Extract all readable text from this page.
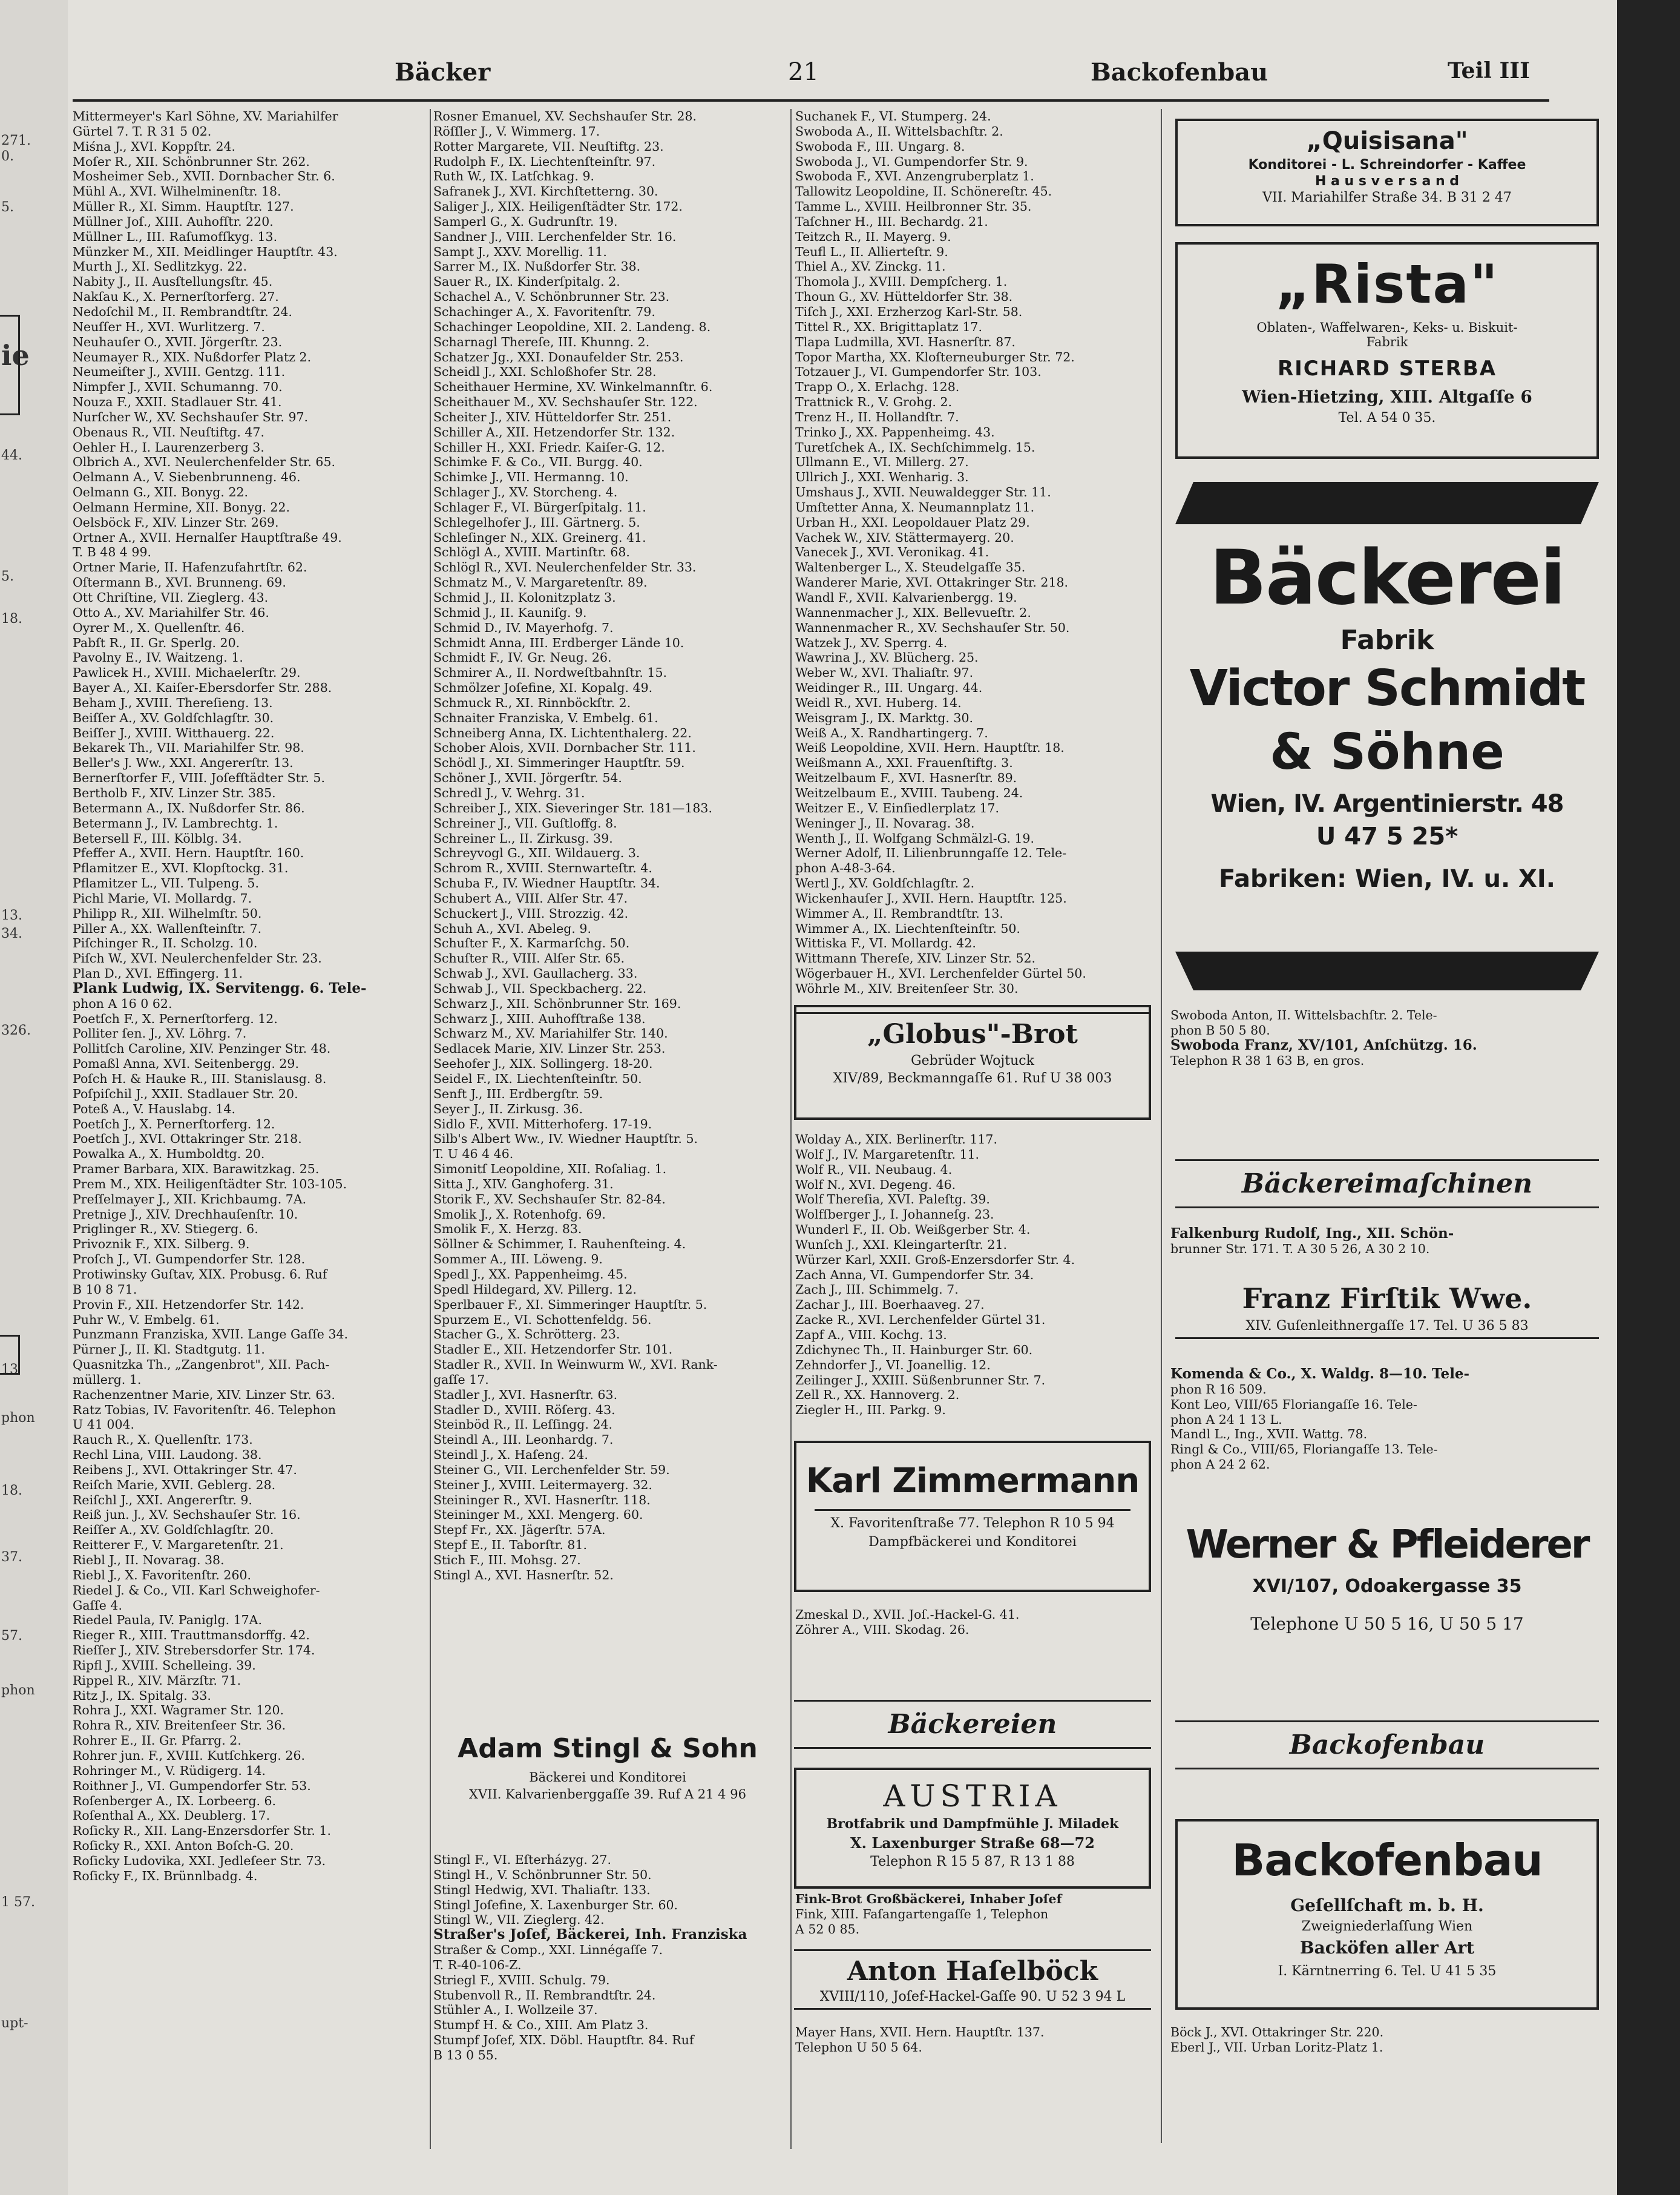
271.
0.
5.
ie
44.
5.
18.
13.
34.
326.
13
phon
18.
37.
57.
phon
1 57.
upt-
Bäcker	21	Backofenbau	Teil III
Mittermeyer's Karl Söhne, XV. Mariahilfer
Gürtel 7. T. R 31 5 02.
Miśna J., XVI. Koppſtr. 24.
Moſer R., XII. Schönbrunner Str. 262.
Mosheimer Seb., XVII. Dornbacher Str. 6.
Mühl A., XVI. Wilhelminenſtr. 18.
Müller R., XI. Simm. Hauptſtr. 127.
Müllner Joſ., XIII. Auhofſtr. 220.
Müllner L., III. Raſumofſkyg. 13.
Münzker M., XII. Meidlinger Hauptſtr. 43.
Murth J., XI. Sedlitzkyg. 22.
Nabity J., II. Ausſtellungsſtr. 45.
Nakſau K., X. Pernerſtorferg. 27.
Nedoſchil M., II. Rembrandtſtr. 24.
Neuſſer H., XVI. Wurlitzerg. 7.
Neuhauſer O., XVII. Jörgerſtr. 23.
Neumayer R., XIX. Nußdorfer Platz 2.
Neumeiſter J., XVIII. Gentzg. 111.
Nimpfer J., XVII. Schumanng. 70.
Nouza F., XXII. Stadlauer Str. 41.
Nurſcher W., XV. Sechshauſer Str. 97.
Obenaus R., VII. Neuſtiftg. 47.
Oehler H., I. Laurenzerberg 3.
Olbrich A., XVI. Neulerchenfelder Str. 65.
Oelmann A., V. Siebenbrunneng. 46.
Oelmann G., XII. Bonyg. 22.
Oelmann Hermine, XII. Bonyg. 22.
Oelsböck F., XIV. Linzer Str. 269.
Ortner A., XVII. Hernalſer Hauptſtraße 49.
T. B 48 4 99.
Ortner Marie, II. Hafenzufahrtſtr. 62.
Oſtermann B., XVI. Brunneng. 69.
Ott Chriſtine, VII. Zieglerg. 43.
Otto A., XV. Mariahilfer Str. 46.
Oyrer M., X. Quellenſtr. 46.
Pabſt R., II. Gr. Sperlg. 20.
Pavolny E., IV. Waitzeng. 1.
Pawlicek H., XVIII. Michaelerſtr. 29.
Bayer A., XI. Kaiſer-Ebersdorfer Str. 288.
Beham J., XVIII. Thereſieng. 13.
Beiſſer A., XV. Goldſchlagſtr. 30.
Beiſſer J., XVIII. Witthauerg. 22.
Bekarek Th., VII. Mariahilfer Str. 98.
Beller's J. Ww., XXI. Angererſtr. 13.
Bernerſtorfer F., VIII. Joſefſtädter Str. 5.
Bertholb F., XIV. Linzer Str. 385.
Betermann A., IX. Nußdorfer Str. 86.
Betermann J., IV. Lambrechtg. 1.
Betersell F., III. Kölblg. 34.
Pfeffer A., XVII. Hern. Hauptſtr. 160.
Pflamitzer E., XVI. Klopſtockg. 31.
Pflamitzer L., VII. Tulpeng. 5.
Pichl Marie, VI. Mollardg. 7.
Philipp R., XII. Wilhelmſtr. 50.
Piller A., XX. Wallenſteinſtr. 7.
Piſchinger R., II. Scholzg. 10.
Piſch W., XVI. Neulerchenfelder Str. 23.
Plan D., XVI. Effingerg. 11.
Plank Ludwig, IX. Servitengg. 6. Tele-
phon A 16 0 62.
Poetſch F., X. Pernerſtorferg. 12.
Polliter ſen. J., XV. Löhrg. 7.
Pollitſch Caroline, XIV. Penzinger Str. 48.
Pomaßl Anna, XVI. Seitenbergg. 29.
Poſch H. & Hauke R., III. Stanislausg. 8.
Poſpiſchil J., XXII. Stadlauer Str. 20.
Poteß A., V. Hauslabg. 14.
Poetſch J., X. Pernerſtorferg. 12.
Poetſch J., XVI. Ottakringer Str. 218.
Powalka A., X. Humboldtg. 20.
Pramer Barbara, XIX. Barawitzkag. 25.
Prem M., XIX. Heiligenſtädter Str. 103-105.
Preſſelmayer J., XII. Krichbaumg. 7A.
Pretnige J., XIV. Drechhauſenſtr. 10.
Priglinger R., XV. Stiegerg. 6.
Privoznik F., XIX. Silberg. 9.
Proſch J., VI. Gumpendorfer Str. 128.
Protiwinsky Guſtav, XIX. Probusg. 6. Ruf
B 10 8 71.
Provin F., XII. Hetzendorfer Str. 142.
Puhr W., V. Embelg. 61.
Punzmann Franziska, XVII. Lange Gaſſe 34.
Pürner J., II. Kl. Stadtgutg. 11.
Quasnitzka Th., „Zangenbrot", XII. Pach-
müllerg. 1.
Rachenzentner Marie, XIV. Linzer Str. 63.
Ratz Tobias, IV. Favoritenſtr. 46. Telephon
U 41 004.
Rauch R., X. Quellenſtr. 173.
Rechl Lina, VIII. Laudong. 38.
Reibens J., XVI. Ottakringer Str. 47.
Reiſch Marie, XVII. Geblerg. 28.
Reiſchl J., XXI. Angererſtr. 9.
Reiß jun. J., XV. Sechshauſer Str. 16.
Reiſſer A., XV. Goldſchlagſtr. 20.
Reitterer F., V. Margaretenſtr. 21.
Riebl J., II. Novarag. 38.
Riebl J., X. Favoritenſtr. 260.
Riedel J. & Co., VII. Karl Schweighofer-
Gaſſe 4.
Riedel Paula, IV. Paniglg. 17A.
Rieger R., XIII. Trauttmansdorffg. 42.
Rieſſer J., XIV. Strebersdorfer Str. 174.
Ripfl J., XVIII. Schelleing. 39.
Rippel R., XIV. Märzſtr. 71.
Ritz J., IX. Spitalg. 33.
Rohra J., XXI. Wagramer Str. 120.
Rohra R., XIV. Breitenſeer Str. 36.
Rohrer E., II. Gr. Pfarrg. 2.
Rohrer jun. F., XVIII. Kutſchkerg. 26.
Rohringer M., V. Rüdigerg. 14.
Roithner J., VI. Gumpendorfer Str. 53.
Roſenberger A., IX. Lorbeerg. 6.
Roſenthal A., XX. Deublerg. 17.
Roſicky R., XII. Lang-Enzersdorfer Str. 1.
Roſicky R., XXI. Anton Boſch-G. 20.
Roſicky Ludovika, XXI. Jedleſeer Str. 73.
Roſicky F., IX. Brünnlbadg. 4.
Rosner Emanuel, XV. Sechshauſer Str. 28.
Röſſler J., V. Wimmerg. 17.
Rotter Margarete, VII. Neuſtiftg. 23.
Rudolph F., IX. Liechtenſteinſtr. 97.
Ruth W., IX. Latſchkag. 9.
Safranek J., XVI. Kirchſtetterng. 30.
Saliger J., XIX. Heiligenſtädter Str. 172.
Samperl G., X. Gudrunſtr. 19.
Sandner J., VIII. Lerchenfelder Str. 16.
Sampt J., XXV. Morellig. 11.
Sarrer M., IX. Nußdorfer Str. 38.
Sauer R., IX. Kinderſpitalg. 2.
Schachel A., V. Schönbrunner Str. 23.
Schachinger A., X. Favoritenſtr. 79.
Schachinger Leopoldine, XII. 2. Landeng. 8.
Scharnagl Thereſe, III. Khunng. 2.
Schatzer Jg., XXI. Donaufelder Str. 253.
Scheidl J., XXI. Schloßhofer Str. 28.
Scheithauer Hermine, XV. Winkelmannſtr. 6.
Scheithauer M., XV. Sechshauſer Str. 122.
Scheiter J., XIV. Hütteldorfer Str. 251.
Schiller A., XII. Hetzendorfer Str. 132.
Schiller H., XXI. Friedr. Kaiſer-G. 12.
Schimke F. & Co., VII. Burgg. 40.
Schimke J., VII. Hermanng. 10.
Schlager J., XV. Storcheng. 4.
Schlager F., VI. Bürgerſpitalg. 11.
Schlegelhofer J., III. Gärtnerg. 5.
Schleſinger N., XIX. Greinerg. 41.
Schlögl A., XVIII. Martinſtr. 68.
Schlögl R., XVI. Neulerchenfelder Str. 33.
Schmatz M., V. Margaretenſtr. 89.
Schmid J., II. Kolonitzplatz 3.
Schmid J., II. Kauniſg. 9.
Schmid D., IV. Mayerhofg. 7.
Schmidt Anna, III. Erdberger Lände 10.
Schmidt F., IV. Gr. Neug. 26.
Schmirer A., II. Nordweſtbahnſtr. 15.
Schmölzer Joſefine, XI. Kopalg. 49.
Schmuck R., XI. Rinnböckſtr. 2.
Schnaiter Franziska, V. Embelg. 61.
Schneiberg Anna, IX. Lichtenthalerg. 22.
Schober Alois, XVII. Dornbacher Str. 111.
Schödl J., XI. Simmeringer Hauptſtr. 59.
Schöner J., XVII. Jörgerſtr. 54.
Schredl J., V. Wehrg. 31.
Schreiber J., XIX. Sieveringer Str. 181—183.
Schreiner J., VII. Guſtloffg. 8.
Schreiner L., II. Zirkusg. 39.
Schreyvogl G., XII. Wildauerg. 3.
Schrom R., XVIII. Sternwarteſtr. 4.
Schuba F., IV. Wiedner Hauptſtr. 34.
Schubert A., VIII. Alſer Str. 47.
Schuckert J., VIII. Strozzig. 42.
Schuh A., XVI. Abeleg. 9.
Schuſter F., X. Karmarſchg. 50.
Schuſter R., VIII. Alſer Str. 65.
Schwab J., XVI. Gaullacherg. 33.
Schwab J., VII. Speckbacherg. 22.
Schwarz J., XII. Schönbrunner Str. 169.
Schwarz J., XIII. Auhofſtraße 138.
Schwarz M., XV. Mariahilfer Str. 140.
Sedlacek Marie, XIV. Linzer Str. 253.
Seehofer J., XIX. Sollingerg. 18-20.
Seidel F., IX. Liechtenſteinſtr. 50.
Senft J., III. Erdbergſtr. 59.
Seyer J., II. Zirkusg. 36.
Sidlo F., XVII. Mitterhoferg. 17-19.
Silb's Albert Ww., IV. Wiedner Hauptſtr. 5.
T. U 46 4 46.
Simonitſ Leopoldine, XII. Roſaliag. 1.
Sitta J., XIV. Ganghoferg. 31.
Storik F., XV. Sechshauſer Str. 82-84.
Smolik J., X. Rotenhofg. 69.
Smolik F., X. Herzg. 83.
Söllner & Schimmer, I. Rauhenſteing. 4.
Sommer A., III. Löweng. 9.
Spedl J., XX. Pappenheimg. 45.
Spedl Hildegard, XV. Pillerg. 12.
Sperlbauer F., XI. Simmeringer Hauptſtr. 5.
Spurzem E., VI. Schottenfeldg. 56.
Stacher G., X. Schrötterg. 23.
Stadler E., XII. Hetzendorfer Str. 101.
Stadler R., XVII. In Weinwurm W., XVI. Rank-
gaſſe 17.
Stadler J., XVI. Hasnerſtr. 63.
Stadler D., XVIII. Röſerg. 43.
Steinböd R., II. Leſſingg. 24.
Steindl A., III. Leonhardg. 7.
Steindl J., X. Haſeng. 24.
Steiner G., VII. Lerchenfelder Str. 59.
Steiner J., XVIII. Leitermayerg. 32.
Steininger R., XVI. Hasnerſtr. 118.
Steininger M., XXI. Mengerg. 60.
Stepf Fr., XX. Jägerſtr. 57A.
Stepf E., II. Taborſtr. 81.
Stich F., III. Mohsg. 27.
Stingl A., XVI. Hasnerſtr. 52.
Adam Stingl & Sohn
Bäckerei und Konditorei
XVII. Kalvarienberggaſſe 39. Ruf A 21 4 96
Stingl F., VI. Eſterházyg. 27.
Stingl H., V. Schönbrunner Str. 50.
Stingl Hedwig, XVI. Thaliaſtr. 133.
Stingl Joſefine, X. Laxenburger Str. 60.
Stingl W., VII. Zieglerg. 42.
Straßer's Joſef, Bäckerei, Inh. Franziska
Straßer & Comp., XXI. Linnégaſſe 7.
T. R-40-106-Z.
Striegl F., XVIII. Schulg. 79.
Stubenvoll R., II. Rembrandtſtr. 24.
Stühler A., I. Wollzeile 37.
Stumpf H. & Co., XIII. Am Platz 3.
Stumpf Joſef, XIX. Döbl. Hauptſtr. 84. Ruf
B 13 0 55.
Suchanek F., VI. Stumperg. 24.
Swoboda A., II. Wittelsbachſtr. 2.
Swoboda F., III. Ungarg. 8.
Swoboda J., VI. Gumpendorfer Str. 9.
Swoboda F., XVI. Anzengruberplatz 1.
Tallowitz Leopoldine, II. Schönereſtr. 45.
Tamme L., XVIII. Heilbronner Str. 35.
Taſchner H., III. Bechardg. 21.
Teitzch R., II. Mayerg. 9.
Teufl L., II. Allierteſtr. 9.
Thiel A., XV. Zinckg. 11.
Thomola J., XVIII. Dempſcherg. 1.
Thoun G., XV. Hütteldorfer Str. 38.
Tiſch J., XXI. Erzherzog Karl-Str. 58.
Tittel R., XX. Brigittaplatz 17.
Tlapa Ludmilla, XVI. Hasnerſtr. 87.
Topor Martha, XX. Kloſterneuburger Str. 72.
Totzauer J., VI. Gumpendorfer Str. 103.
Trapp O., X. Erlachg. 128.
Trattnick R., V. Grohg. 2.
Trenz H., II. Hollandſtr. 7.
Trinko J., XX. Pappenheimg. 43.
Turetſchek A., IX. Sechſchimmelg. 15.
Ullmann E., VI. Millerg. 27.
Ullrich J., XXI. Wenharig. 3.
Umshaus J., XVII. Neuwaldegger Str. 11.
Umſtetter Anna, X. Neumannplatz 11.
Urban H., XXI. Leopoldauer Platz 29.
Vachek W., XIV. Stättermayerg. 20.
Vanecek J., XVI. Veronikag. 41.
Waltenberger L., X. Steudelgaſſe 35.
Wanderer Marie, XVI. Ottakringer Str. 218.
Wandl F., XVII. Kalvarienbergg. 19.
Wannenmacher J., XIX. Bellevueſtr. 2.
Wannenmacher R., XV. Sechshauſer Str. 50.
Watzek J., XV. Sperrg. 4.
Wawrina J., XV. Blücherg. 25.
Weber W., XVI. Thaliaſtr. 97.
Weidinger R., III. Ungarg. 44.
Weidl R., XVI. Huberg. 14.
Weisgram J., IX. Marktg. 30.
Weiß A., X. Randhartingerg. 7.
Weiß Leopoldine, XVII. Hern. Hauptſtr. 18.
Weißmann A., XXI. Frauenſtiftg. 3.
Weitzelbaum F., XVI. Hasnerſtr. 89.
Weitzelbaum E., XVIII. Taubeng. 24.
Weitzer E., V. Einſiedlerplatz 17.
Weninger J., II. Novarag. 38.
Wenth J., II. Wolfgang Schmälzl-G. 19.
Werner Adolf, II. Lilienbrunngaſſe 12. Tele-
phon A-48-3-64.
Wertl J., XV. Goldſchlagſtr. 2.
Wickenhauſer J., XVII. Hern. Hauptſtr. 125.
Wimmer A., II. Rembrandtſtr. 13.
Wimmer A., IX. Liechtenſteinſtr. 50.
Wittiska F., VI. Mollardg. 42.
Wittmann Thereſe, XIV. Linzer Str. 52.
Wögerbauer H., XVI. Lerchenfelder Gürtel 50.
Wöhrle M., XIV. Breitenſeer Str. 30.
„Globus"-Brot
Gebrüder Wojtuck
XIV/89, Beckmanngaſſe 61. Ruf U 38 003
Wolday A., XIX. Berlinerſtr. 117.
Wolf J., IV. Margaretenſtr. 11.
Wolf R., VII. Neubaug. 4.
Wolf N., XVI. Degeng. 46.
Wolf Thereſia, XVI. Paleſtg. 39.
Wolfſberger J., I. Johanneſg. 23.
Wunderl F., II. Ob. Weißgerber Str. 4.
Wunſch J., XXI. Kleingarterſtr. 21.
Würzer Karl, XXII. Groß-Enzersdorfer Str. 4.
Zach Anna, VI. Gumpendorfer Str. 34.
Zach J., III. Schimmelg. 7.
Zachar J., III. Boerhaaveg. 27.
Zacke R., XVI. Lerchenfelder Gürtel 31.
Zapf A., VIII. Kochg. 13.
Zdichynec Th., II. Hainburger Str. 60.
Zehndorfer J., VI. Joanellig. 12.
Zeilinger J., XXIII. Süßenbrunner Str. 7.
Zell R., XX. Hannoverg. 2.
Ziegler H., III. Parkg. 9.
Karl Zimmermann
X. Favoritenſtraße 77. Telephon R 10 5 94
Dampfbäckerei und Konditorei
Zmeskal D., XVII. Joſ.-Hackel-G. 41.
Zöhrer A., VIII. Skodag. 26.
Bäckereien
AUSTRIA
Brotfabrik und Dampfmühle J. Miladek
X. Laxenburger Straße 68—72
Telephon R 15 5 87, R 13 1 88
Fink-Brot Großbäckerei, Inhaber Joſef
Fink, XIII. Faſangartengaſſe 1, Telephon
A 52 0 85.
Anton Haſelböck
XVIII/110, Joſef-Hackel-Gaſſe 90. U 52 3 94 L
Mayer Hans, XVII. Hern. Hauptſtr. 137.
Telephon U 50 5 64.
„Quisisana"
Konditorei - L. Schreindorfer - Kaffee
H a u s v e r s a n d
VII. Mariahilfer Straße 34. B 31 2 47
„Rista"
Oblaten-, Waffelwaren-, Keks- u. Biskuit-
Fabrik
RICHARD STERBA
Wien-Hietzing, XIII. Altgaſſe 6
Tel. A 54 0 35.
Bäckerei
Fabrik
Victor Schmidt
& Söhne
Wien, IV. Argentinierstr. 48
U 47 5 25*
Fabriken: Wien, IV. u. XI.
Swoboda Anton, II. Wittelsbachſtr. 2. Tele-
phon B 50 5 80.
Swoboda Franz, XV/101, Anſchützg. 16.
Telephon R 38 1 63 B, en gros.
Bäckereimaſchinen
Falkenburg Rudolf, Ing., XII. Schön-
brunner Str. 171. T. A 30 5 26, A 30 2 10.
Franz Firſtik Wwe.
XIV. Guſenleithnergaſſe 17. Tel. U 36 5 83
Komenda & Co., X. Waldg. 8—10. Tele-
phon R 16 509.
Kont Leo, VIII/65 Floriangaſſe 16. Tele-
phon A 24 1 13 L.
Mandl L., Ing., XVII. Wattg. 78.
Ringl & Co., VIII/65, Floriangaſſe 13. Tele-
phon A 24 2 62.
Werner & Pfleiderer
XVI/107, Odoakergasse 35
Telephone U 50 5 16, U 50 5 17
Backofenbau
Backofenbau
Geſellſchaft m. b. H.
Zweigniederlaſſung Wien
Backöfen aller Art
I. Kärntnerring 6. Tel. U 41 5 35
Böck J., XVI. Ottakringer Str. 220.
Eberl J., VII. Urban Loritz-Platz 1.
